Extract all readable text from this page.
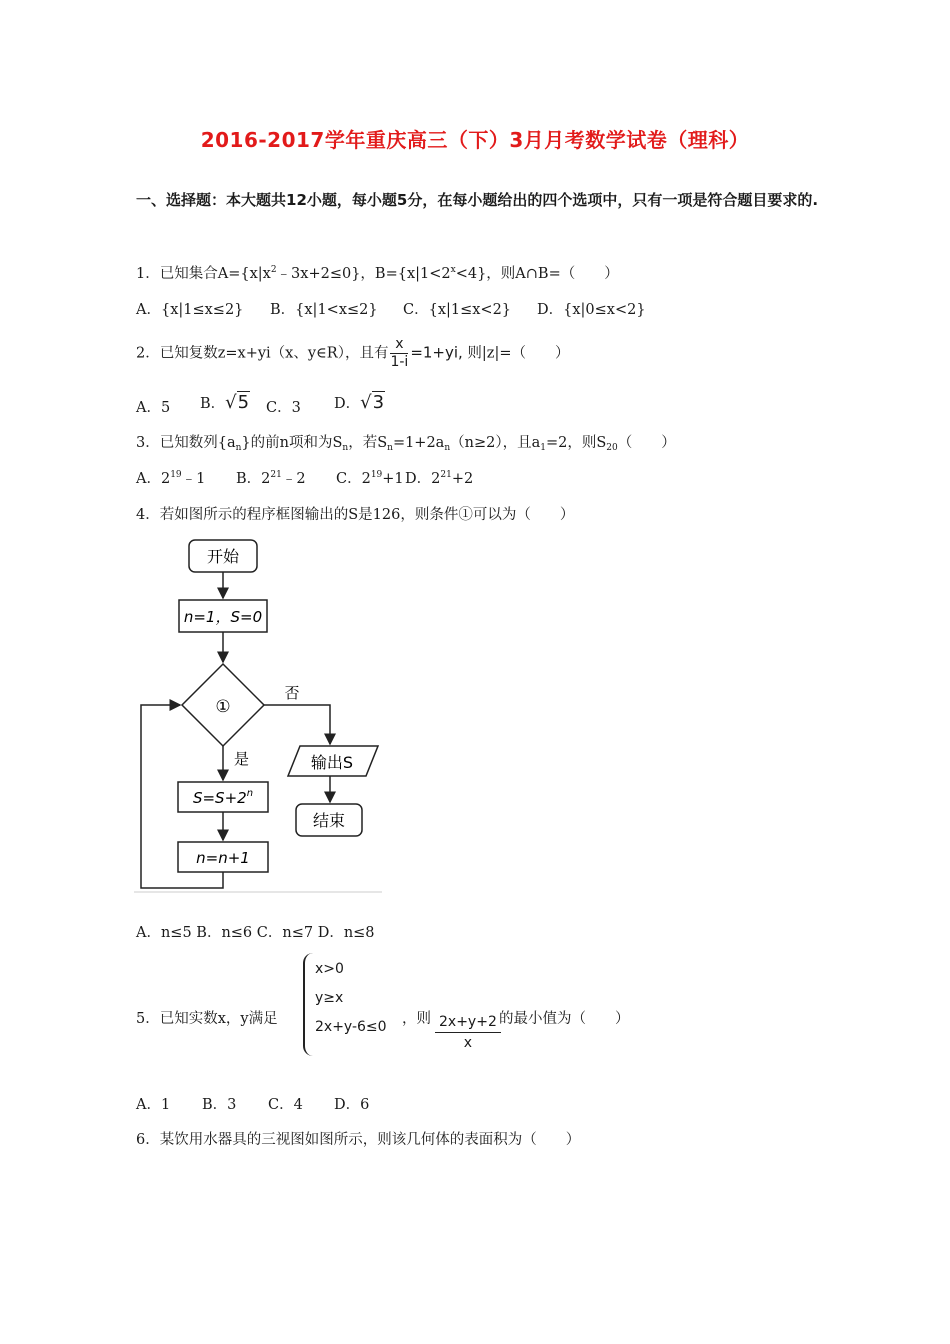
2016-2017学年重庆高三（下）3月月考数学试卷（理科）
一、选择题：本大题共12小题，每小题5分，在每小题给出的四个选项中，只有一项是符合题目要求的.
1．已知集合$A=\{x|x^2﹣3x+2\le 0\}$，$B=\{x|1<2^x<4\}$，则A∩B=（　　）
A．{x|1≤x≤2} B．{x|1<x≤2} C．{x|1≤x<2} D．{x|0≤x<2}
2．已知复数z=x+yi（x、y∈R），且有 $\frac{x}{1-i} =1+yi$, 则|z|=（　　）
A．5 B．√5 C．3 D．√3
3．已知数列$\{a_n\}$的前n项和为$S_n$，若$S_n=1+2a_n(n\ge 2)$，且$a_1=2$，则$S_{20}$（　　）
A．$2^{19}﹣1$ B．$2^{21}﹣2$ C．$2^{19}+1$ D．$2^{21}+2$
4．若如图所示的程序框图输出的S是126，则条件①可以为（　　）
开始
n=1，S=0
①
否
输出S
结束
是
$S=S+2^n$
n=n+1
A．n≤5 B．n≤6 C．n≤7 D．n≤8
5．已知实数x，y满足
x>0
y≥x
2x+y-6≤0	，则 $\frac{2x+y+2}{x}$
的最小值为（　　）
A．1 B．3 C．4 D．6
6．某饮用水器具的三视图如图所示，则该几何体的表面积为（　　）
